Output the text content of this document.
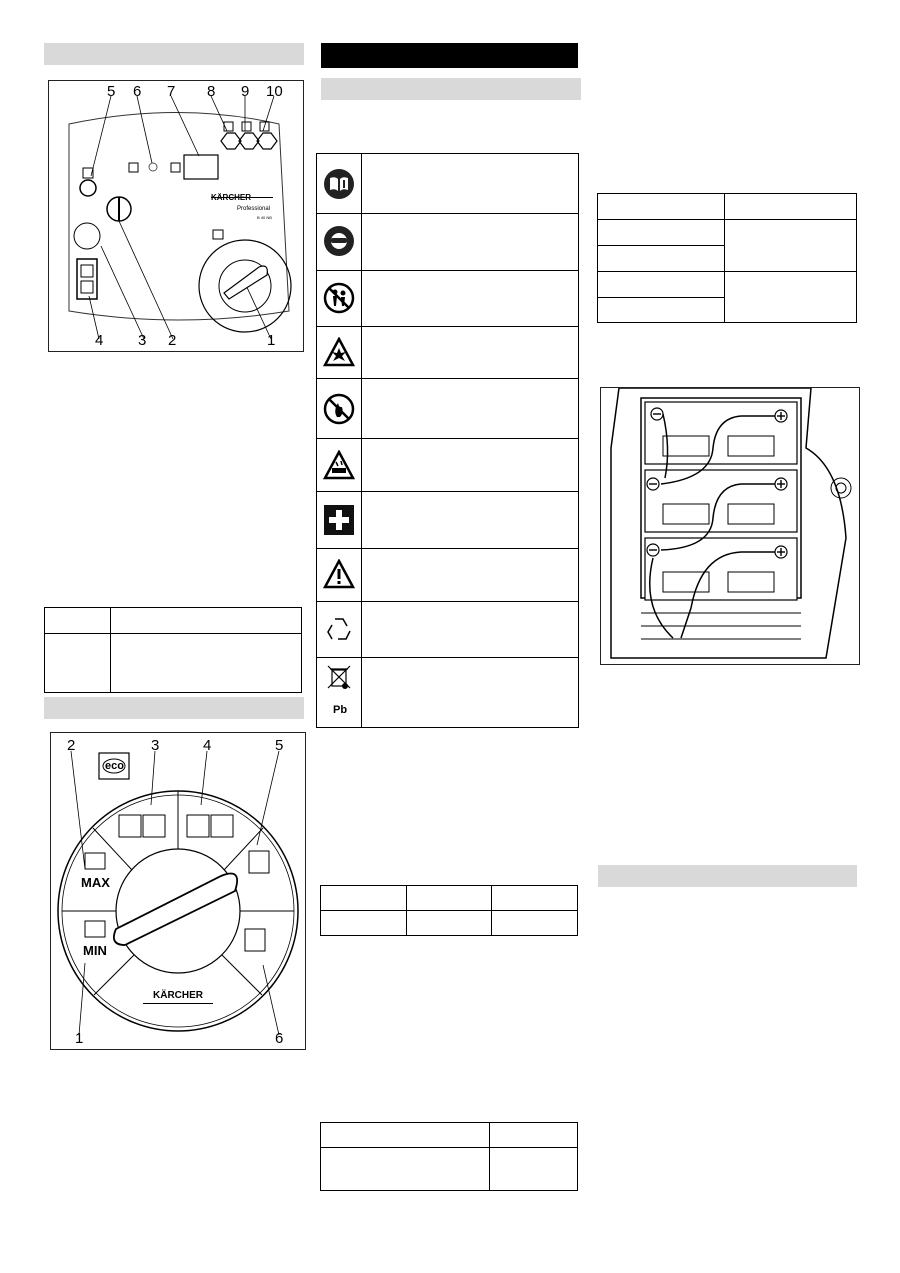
KÄRCHER
Professional
B 40 NB
5 6 7 8 9 10
4 3 2	1

eco
MAX
MIN
KÄRCHER
2	3	4	5
1	6
Pb
